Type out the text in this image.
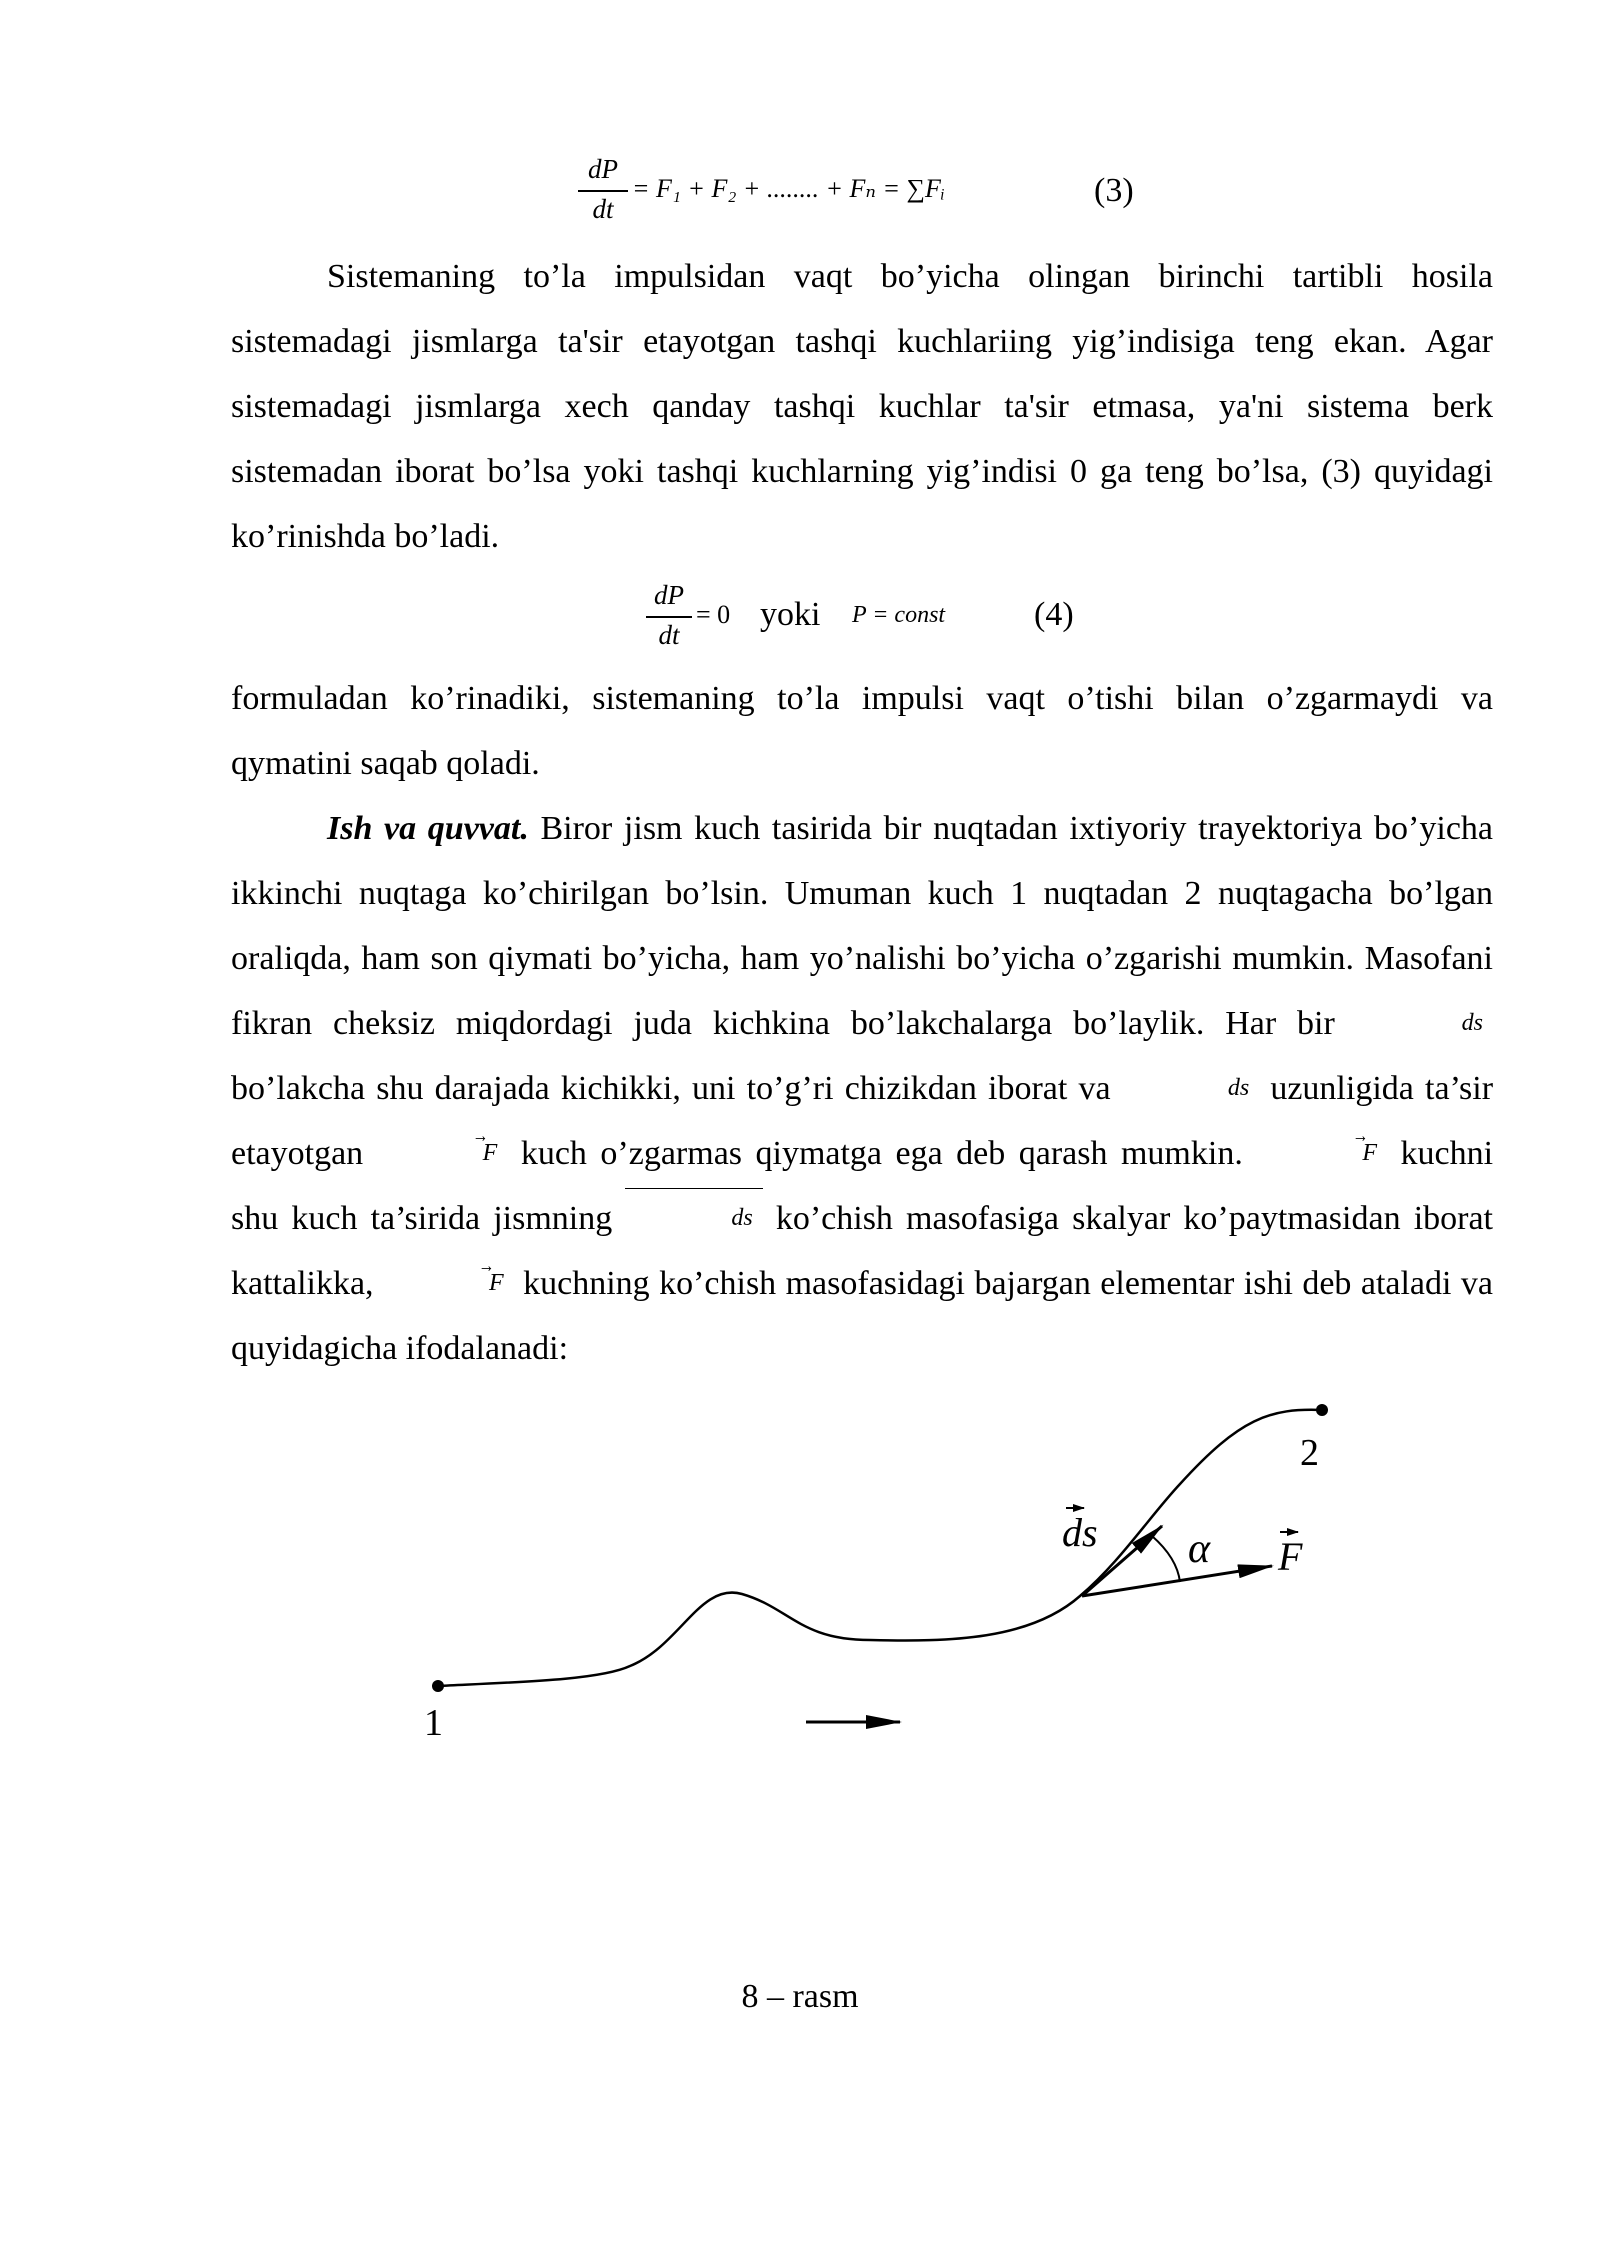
dP
dt
= F₁ + F₂ + ........ + Fₙ = ∑Fᵢ	(3)
Sistemaning to’la impulsidan vaqt bo’yicha olingan birinchi tartibli hosila sistemadagi jismlarga ta'sir etayotgan tashqi kuchlariing yig’indisiga teng ekan. Agar sistemadagi jismlarga xech qanday tashqi kuchlar ta'sir etmasa, ya'ni sistema berk sistemadan iborat bo’lsa yoki tashqi kuchlarning yig’indisi 0 ga teng bo’lsa, (3) quyidagi ko’rinishda bo’ladi.
dP
dt
= 0 yoki P = const	(4)
formuladan ko’rinadiki, sistemaning to’la impulsi vaqt o’tishi bilan o’zgarmaydi va qymatini saqab qoladi.
Ish va quvvat. Biror jism kuch tasirida bir nuqtadan ixtiyoriy trayektoriya bo’yicha ikkinchi nuqtaga ko’chirilgan bo’lsin. Umuman kuch 1 nuqtadan 2 nuqtagacha bo’lgan oraliqda, ham son qiymati bo’yicha, ham yo’nalishi bo’yicha o’zgarishi mumkin. Masofani fikran cheksiz miqdordagi juda kichkina bo’lakchalarga bo’laylik. Har bir	ds bo’lakcha shu darajada kichikki, uni to’g’ri chizikdan iborat va	ds uzunligida ta’sir etayotgan	→ F kuch o’zgarmas qiymatga ega deb qarash mumkin.	→ F kuchni shu kuch ta’sirida jismning	ds ko’chish masofasiga skalyar ko’paytmasidan iborat kattalikka,	→ F kuchning ko’chish masofasidagi bajargan elementar ishi deb ataladi va quyidagicha ifodalanadi:
1
2
ds α F
8 – rasm
